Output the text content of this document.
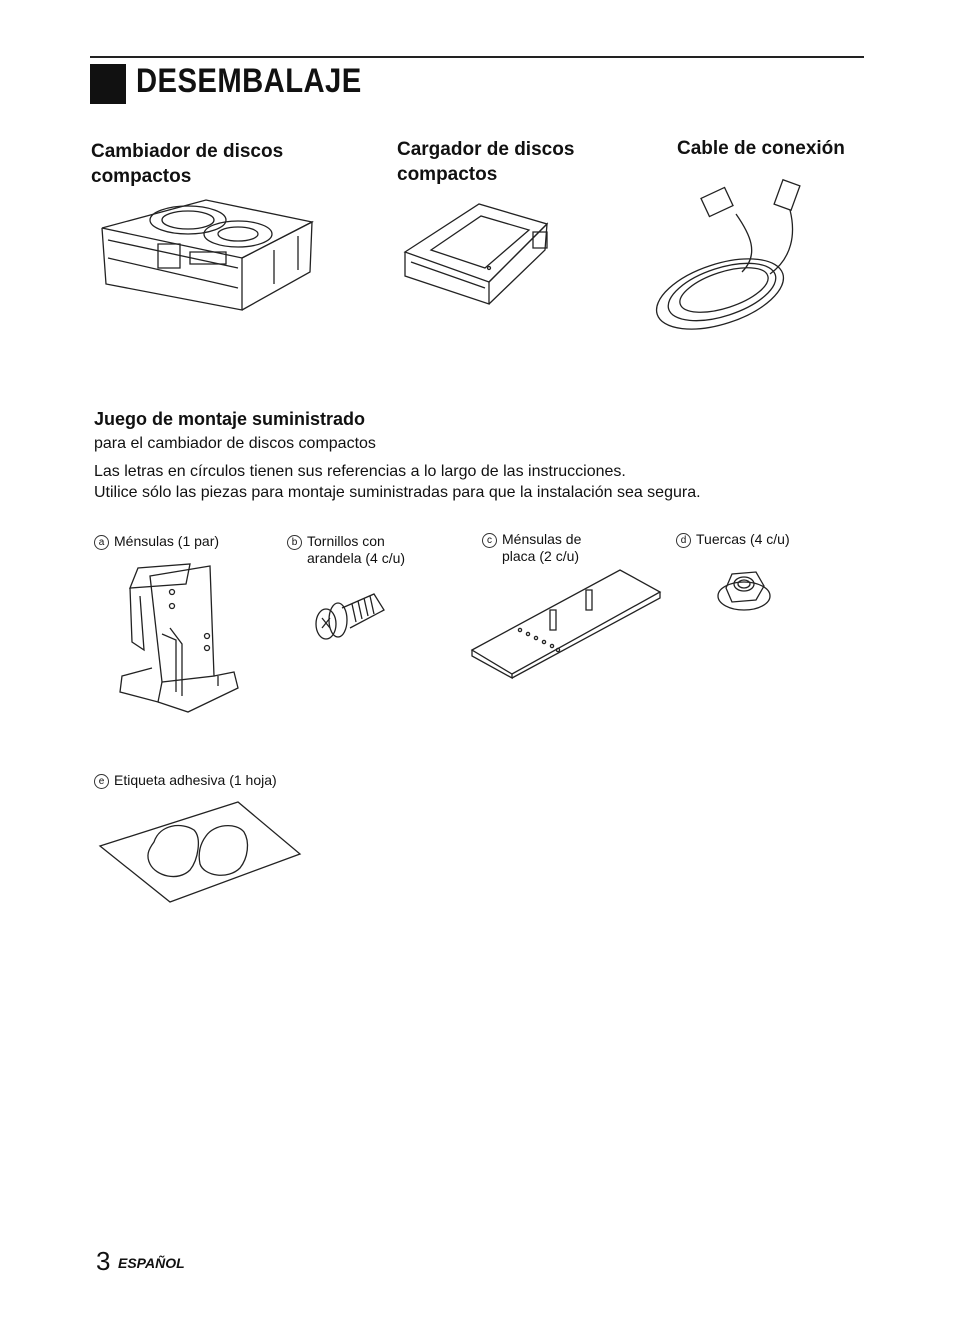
DESEMBALAJE
Cambiador de discos compactos
Cargador de discos compactos
Cable de conexión
Juego de montaje suministrado
para el cambiador de discos compactos
Las letras en círculos tienen sus referencias a lo largo de las instrucciones.
Utilice sólo las piezas para montaje suministradas para que la instalación sea segura.
a Ménsulas (1 par)	b Tornillos con
arandela (4 c/u)
c Ménsulas de
placa (2 c/u)
d Tuercas (4 c/u)
e Etiqueta adhesiva (1 hoja)
3 ESPAÑOL
